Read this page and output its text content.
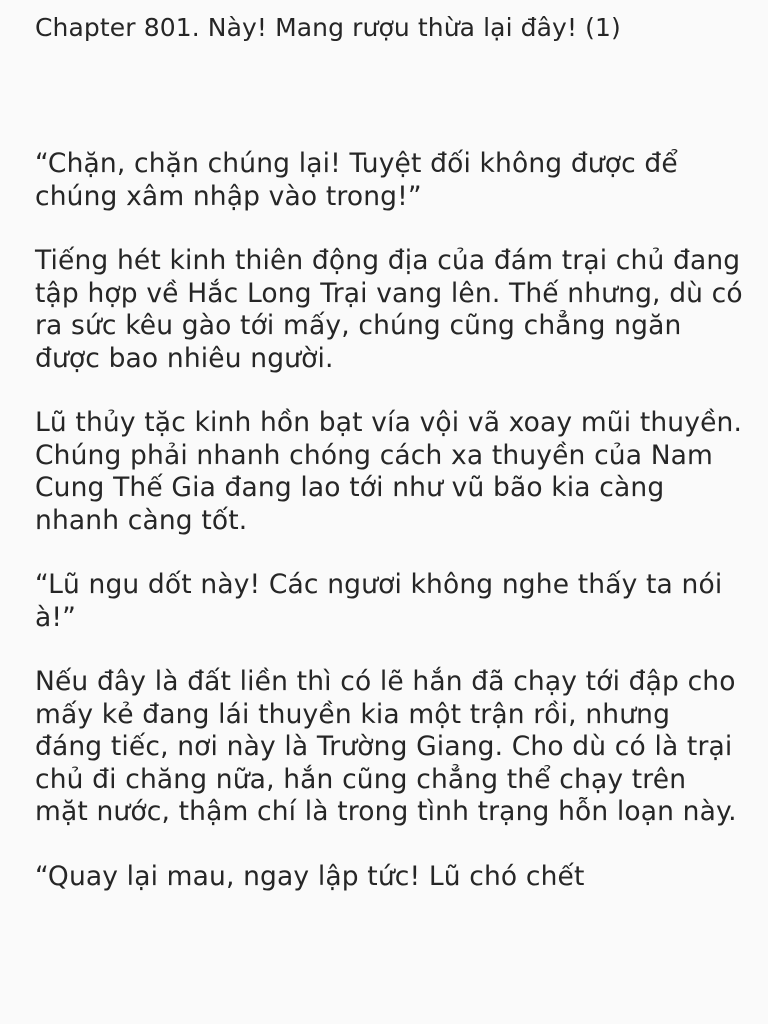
Chapter 801. Này! Mang rượu thừa lại đây! (1)

“Chặn, chặn chúng lại! Tuyệt đối không được để chúng xâm nhập vào trong!”

Tiếng hét kinh thiên động địa của đám trại chủ đang tập hợp về Hắc Long Trại vang lên. Thế nhưng, dù có ra sức kêu gào tới mấy, chúng cũng chẳng ngăn được bao nhiêu người.

Lũ thủy tặc kinh hồn bạt vía vội vã xoay mũi thuyền. Chúng phải nhanh chóng cách xa thuyền của Nam Cung Thế Gia đang lao tới như vũ bão kia càng nhanh càng tốt.

“Lũ ngu dốt này! Các ngươi không nghe thấy ta nói à!”

Nếu đây là đất liền thì có lẽ hắn đã chạy tới đập cho mấy kẻ đang lái thuyền kia một trận rồi, nhưng đáng tiếc, nơi này là Trường Giang. Cho dù có là trại chủ đi chăng nữa, hắn cũng chẳng thể chạy trên mặt nước, thậm chí là trong tình trạng hỗn loạn này.

“Quay lại mau, ngay lập tức! Lũ chó chết
